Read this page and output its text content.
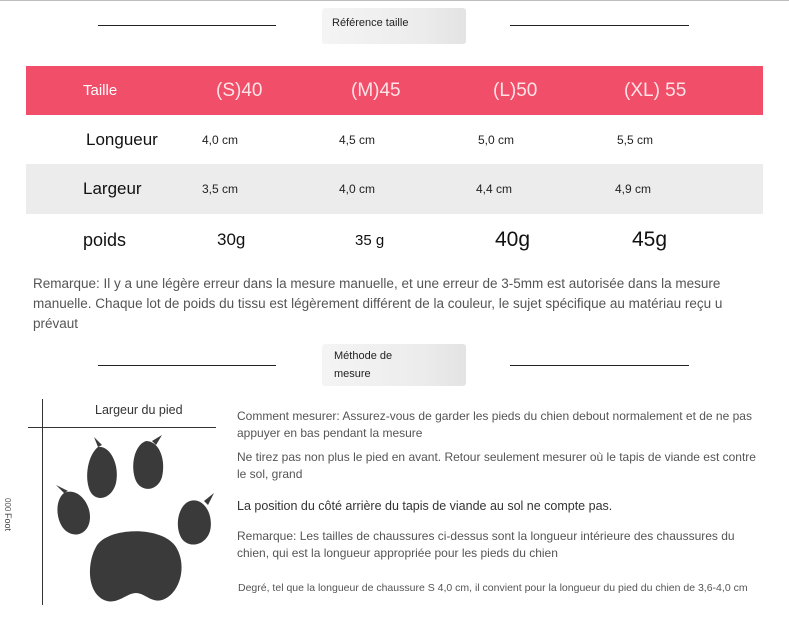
Référence taille
Taille	(S)40	(M)45	(L)50	(XL) 55
Longueur	4,0 cm	4,5 cm	5,0 cm	5,5 cm
Largeur	3,5 cm	4,0 cm	4,4 cm	4,9 cm
poids	30g	35 g	40g	45g
Remarque: Il y a une légère erreur dans la mesure manuelle, et une erreur de 3-5mm est autorisée dans la mesure manuelle. Chaque lot de poids du tissu est légèrement différent de la couleur, le sujet spécifique au matériau reçu u prévaut
Méthode de
mesure
Largeur du pied
Foot
000
Comment mesurer: Assurez-vous de garder les pieds du chien debout normalement et de ne pas appuyer en bas pendant la mesure
Ne tirez pas non plus le pied en avant. Retour seulement mesurer où le tapis de viande est contre le sol, grand
La position du côté arrière du tapis de viande au sol ne compte pas.
Remarque: Les tailles de chaussures ci-dessus sont la longueur intérieure des chaussures du chien, qui est la longueur appropriée pour les pieds du chien
Degré, tel que la longueur de chaussure S 4,0 cm, il convient pour la longueur du pied du chien de 3,6-4,0 cm
